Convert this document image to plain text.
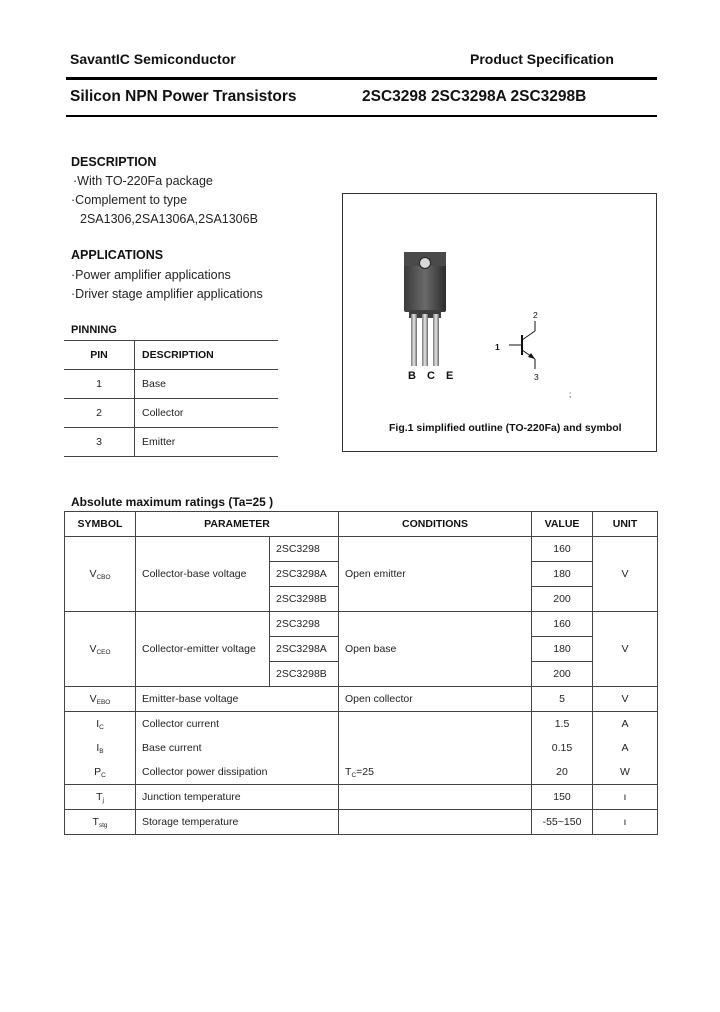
SavantIC Semiconductor	Product Specification
Silicon NPN Power Transistors	2SC3298 2SC3298A 2SC3298B
DESCRIPTION
·With TO-220Fa package
·Complement to type
2SA1306,2SA1306A,2SA1306B
APPLICATIONS
·Power amplifier applications
·Driver stage amplifier applications
PINNING
PIN	DESCRIPTION
1	Base
2	Collector
3	Emitter
B C E
1
2
3
;
Fig.1 simplified outline (TO-220Fa) and symbol
Absolute maximum ratings (Ta=25 )
SYMBOL	PARAMETER		CONDITIONS	VALUE	UNIT
$V_{CBO}$	Collector-base voltage	2SC3298	Open emitter	160	V
		2SC3298A		180	
		2SC3298B		200	
$V_{CEO}$	Collector-emitter voltage	2SC3298	Open base	160	V
		2SC3298A		180	
		2SC3298B		200	
$V_{EBO}$	Emitter-base voltage		Open collector	5	V
$I_C$	Collector current		$T_C=25$	1.5	A
$I_B$	Base current			0.15	A
$P_C$	Collector power dissipation			20	W
$T_j$	Junction temperature			150	ı
$T_{stg}$	Storage temperature			-55~150	ı
